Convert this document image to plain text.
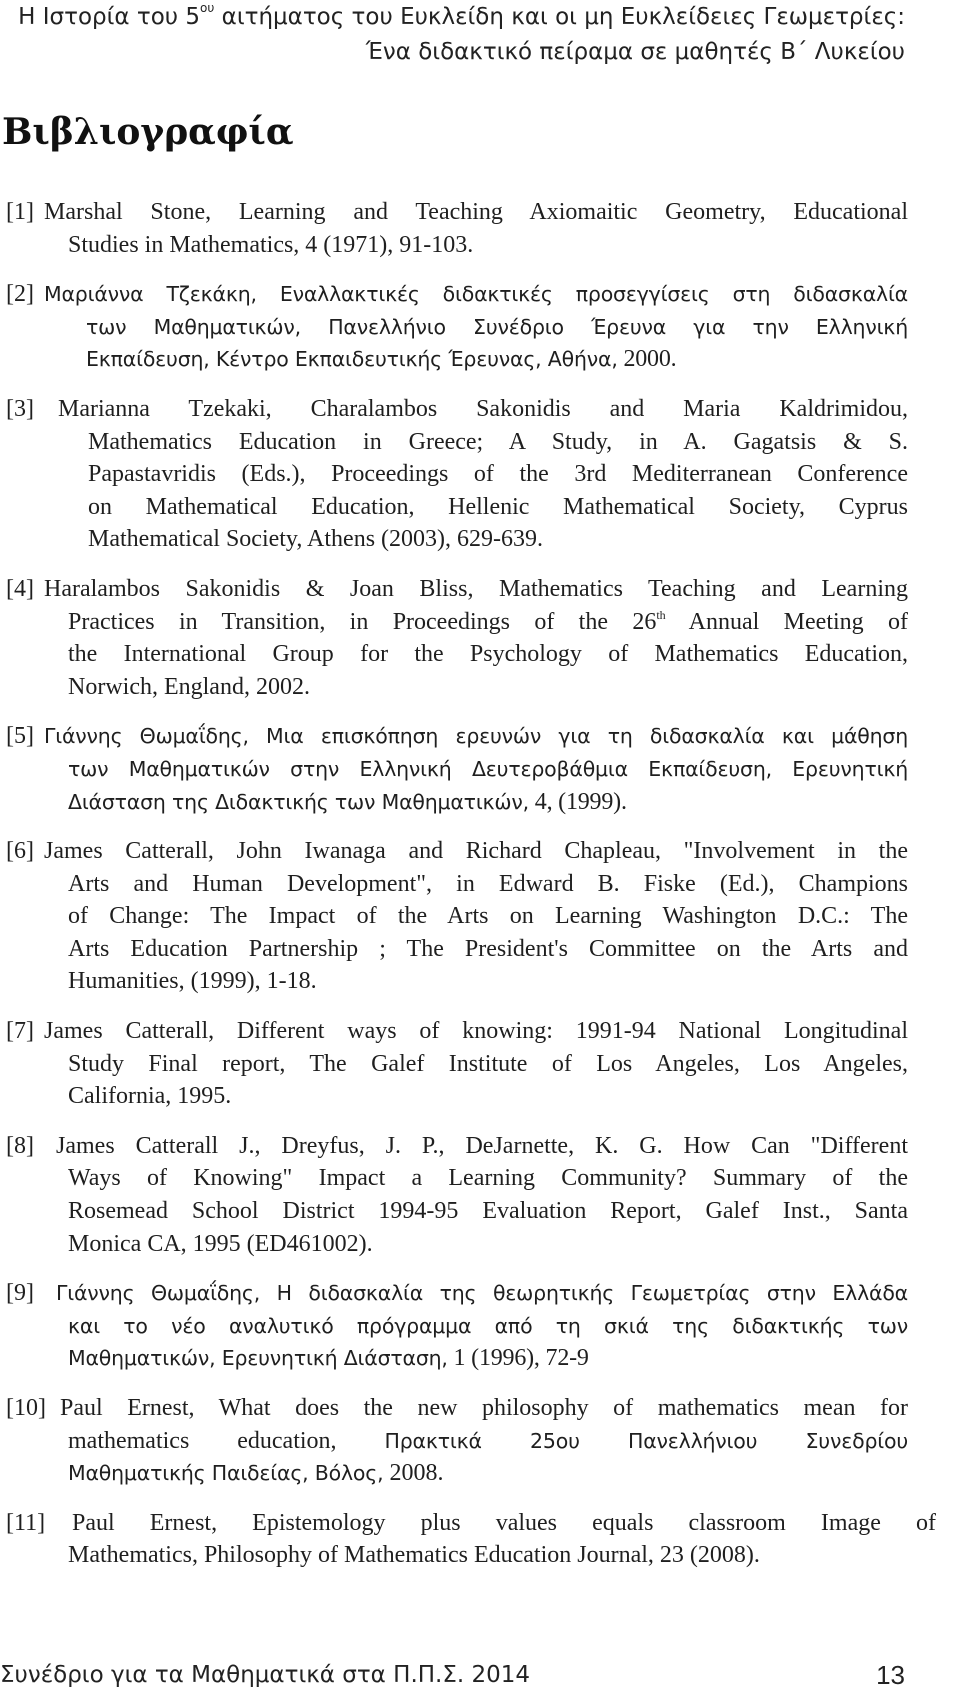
Η Ιστορία του $5^{o\upsilon}$ αιτήματος του Ευκλείδη και οι μη Ευκλείδειες Γεωμετρίες:
Ένα διδακτικό πείραμα σε μαθητές Β΄ Λυκείου
Βιβλιογραφία
[1] Marshal Stone, Learning and Teaching Axiomaitic Geometry, Educational
Studies in Mathematics, 4 (1971), 91-103.
[2] Μαριάννα Τζεκάκη, Εναλλακτικές διδακτικές προσεγγίσεις στη διδασκαλία
των Μαθηματικών, Πανελλήνιο Συνέδριο Έρευνα για την Ελληνική
Εκπαίδευση, Κέντρο Εκπαιδευτικής Έρευνας, Αθήνα, 2000.
[3]	Marianna Tzekaki, Charalambos Sakonidis and Maria Kaldrimidou,
Mathematics Education in Greece; A Study, in A. Gagatsis & S.
Papastavridis (Eds.), Proceedings of the 3rd Mediterranean Conference
on Mathematical Education, Hellenic Mathematical Society, Cyprus
Mathematical Society, Athens (2003), 629-639.
[4] Haralambos Sakonidis & Joan Bliss, Mathematics Teaching and Learning
Practices in Transition, in Proceedings of the 26th Annual Meeting of
the International Group for the Psychology of Mathematics Education,
Norwich, England, 2002.
[5] Γιάννης Θωμαΐδης, Μια επισκόπηση ερευνών για τη διδασκαλία και μάθηση
των Μαθηματικών στην Ελληνική Δευτεροβάθμια Εκπαίδευση, Ερευνητική
Διάσταση της Διδακτικής των Μαθηματικών, 4, (1999).
[6] James Catterall, John Iwanaga and Richard Chapleau, "Involvement in the
Arts and Human Development", in Edward B. Fiske (Ed.), Champions
of Change: The Impact of the Arts on Learning Washington D.C.: The
Arts Education Partnership ; The President's Committee on the Arts and
Humanities, (1999), 1-18.
[7] James Catterall, Different ways of knowing: 1991-94 National Longitudinal
Study Final report, The Galef Institute of Los Angeles, Los Angeles,
California, 1995.
[8] James Catterall J., Dreyfus, J. P., DeJarnette, K. G. How Can "Different
Ways of Knowing" Impact a Learning Community? Summary of the
Rosemead School District 1994-95 Evaluation Report, Galef Inst., Santa
Monica CA, 1995 (ED461002).
[9]	Γιάννης Θωμαΐδης, Η διδασκαλία της θεωρητικής Γεωμετρίας στην Ελλάδα
και το νέο αναλυτικό πρόγραμμα από τη σκιά της διδακτικής των
Μαθηματικών, Ερευνητική Διάσταση, 1 (1996), 72-9
[10] Paul Ernest, What does the new philosophy of mathematics mean for
mathematics education, Πρακτικά 25ου Πανελλήνιου Συνεδρίου
Μαθηματικής Παιδείας, Βόλος, 2008.
[11]	Paul Ernest, Epistemology plus values equals classroom Image of
Mathematics, Philosophy of Mathematics Education Journal, 23 (2008).
Συνέδριο για τα Μαθηματικά στα Π.Π.Σ. 2014	13
